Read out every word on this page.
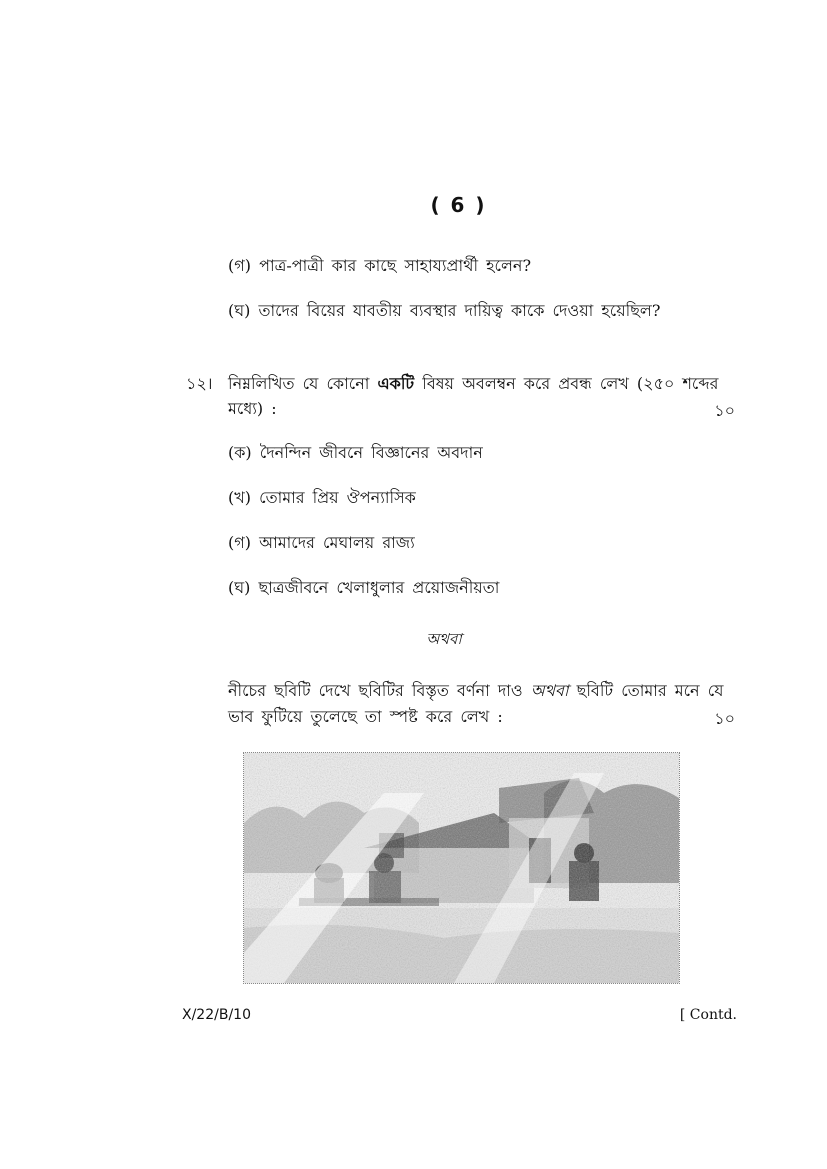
( 6 )
(গ) পাত্র-পাত্রী কার কাছে সাহায্যপ্রার্থী হলেন?
(ঘ) তাদের বিয়ের যাবতীয় ব্যবস্থার দায়িত্ব কাকে দেওয়া হয়েছিল?
১২। নিম্নলিখিত যে কোনো একটি বিষয় অবলম্বন করে প্রবন্ধ লেখ (২৫০ শব্দের
মধ্যে) :	১০
(ক) দৈনন্দিন জীবনে বিজ্ঞানের অবদান
(খ) তোমার প্রিয় ঔপন্যাসিক
(গ) আমাদের মেঘালয় রাজ্য
(ঘ) ছাত্রজীবনে খেলাধুলার প্রয়োজনীয়তা
অথবা
নীচের ছবিটি দেখে ছবিটির বিস্তৃত বর্ণনা দাও অথবা ছবিটি তোমার মনে যে
ভাব ফুটিয়ে তুলেছে তা স্পষ্ট করে লেখ :	১০
X/22/B/10	[ Contd.
